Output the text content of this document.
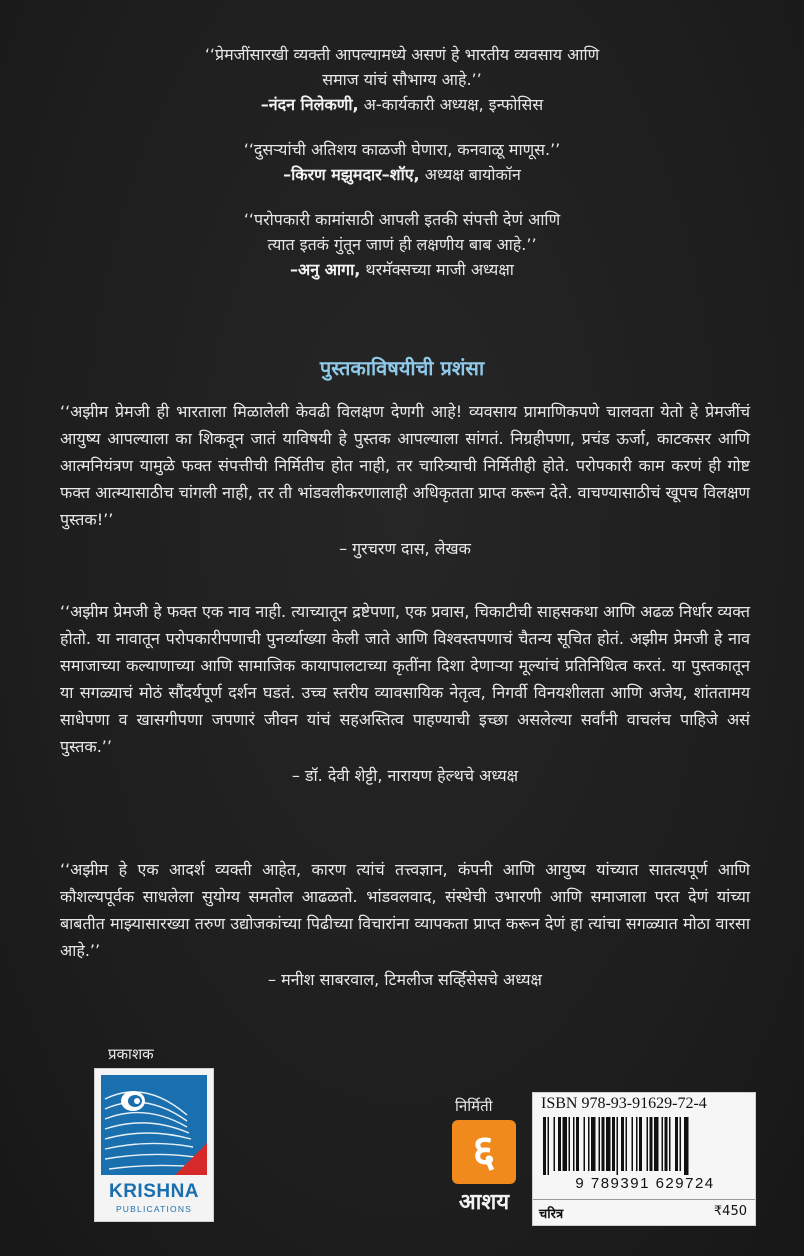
‘‘प्रेमजींसारखी व्यक्ती आपल्यामध्ये असणं हे भारतीय व्यवसाय आणि
समाज यांचं सौभाग्य आहे.’’
–नंदन निलेकणी, अ-कार्यकारी अध्यक्ष, इन्फोसिस
‘‘दुसऱ्यांची अतिशय काळजी घेणारा, कनवाळू माणूस.’’
–किरण मझुमदार–शॉए, अध्यक्ष बायोकॉन
‘‘परोपकारी कामांसाठी आपली इतकी संपत्ती देणं आणि
त्यात इतकं गुंतून जाणं ही लक्षणीय बाब आहे.’’
–अनु आगा, थरमॅक्सच्या माजी अध्यक्षा
पुस्तकाविषयीची प्रशंसा
‘‘अझीम प्रेमजी ही भारताला मिळालेली केवढी विलक्षण देणगी आहे! व्यवसाय प्रामाणिकपणे चालवता येतो हे प्रेमजींचं आयुष्य आपल्याला का शिकवून जातं याविषयी हे पुस्तक आपल्याला सांगतं. निग्रहीपणा, प्रचंड ऊर्जा, काटकसर आणि आत्मनियंत्रण यामुळे फक्त संपत्तीची निर्मितीच होत नाही, तर चारित्र्याची निर्मितीही होते. परोपकारी काम करणं ही गोष्ट फक्त आत्म्यासाठीच चांगली नाही, तर ती भांडवलीकरणालाही अधिकृतता प्राप्त करून देते. वाचण्यासाठीचं खूपच विलक्षण पुस्तक!’’
– गुरचरण दास, लेखक
‘‘अझीम प्रेमजी हे फक्त एक नाव नाही. त्याच्यातून द्रष्टेपणा, एक प्रवास, चिकाटीची साहसकथा आणि अढळ निर्धार व्यक्त होतो. या नावातून परोपकारीपणाची पुनर्व्याख्या केली जाते आणि विश्वस्तपणाचं चैतन्य सूचित होतं. अझीम प्रेमजी हे नाव समाजाच्या कल्याणाच्या आणि सामाजिक कायापालटाच्या कृतींना दिशा देणाऱ्या मूल्यांचं प्रतिनिधित्व करतं. या पुस्तकातून या सगळ्याचं मोठं सौंदर्यपूर्ण दर्शन घडतं. उच्च स्तरीय व्यावसायिक नेतृत्व, निगर्वी विनयशीलता आणि अजेय, शांततामय साधेपणा व खासगीपणा जपणारं जीवन यांचं सहअस्तित्व पाहण्याची इच्छा असलेल्या सर्वांनी वाचलंच पाहिजे असं पुस्तक.’’
– डॉ. देवी शेट्टी, नारायण हेल्थचे अध्यक्ष
‘‘अझीम हे एक आदर्श व्यक्ती आहेत, कारण त्यांचं तत्त्वज्ञान, कंपनी आणि आयुष्य यांच्यात सातत्यपूर्ण आणि कौशल्यपूर्वक साधलेला सुयोग्य समतोल आढळतो. भांडवलवाद, संस्थेची उभारणी आणि समाजाला परत देणं यांच्या बाबतीत माझ्यासारख्या तरुण उद्योजकांच्या पिढीच्या विचारांना व्यापकता प्राप्त करून देणं हा त्यांचा सगळ्यात मोठा वारसा आहे.’’
– मनीश साबरवाल, टिमलीज सर्व्हिसेसचे अध्यक्ष
प्रकाशक
KRISHNA
PUBLICATIONS
निर्मिती
६
आशय
ISBN 978-93-91629-72-4
9 789391 629724
चरित्र	₹450
